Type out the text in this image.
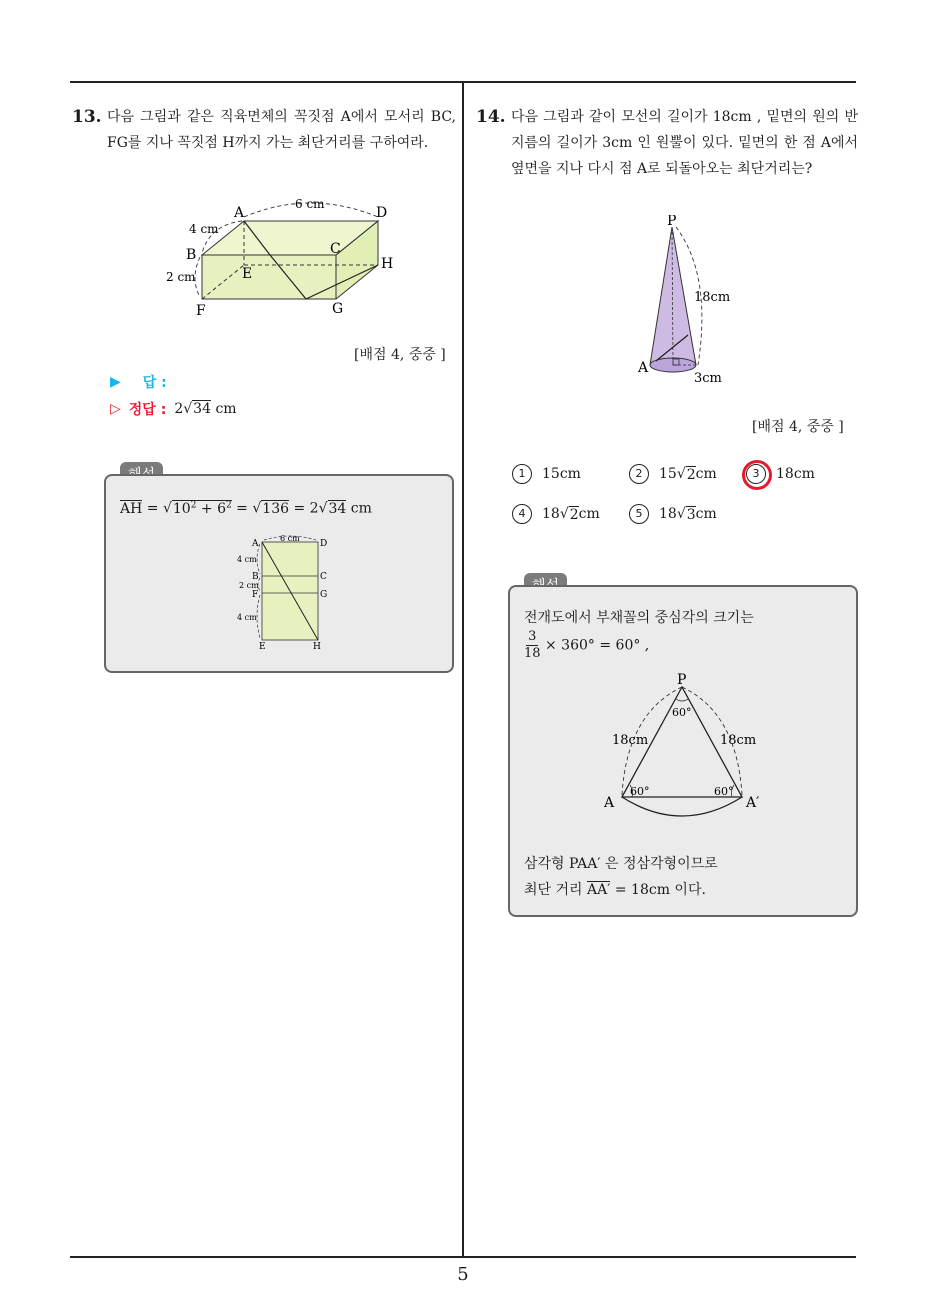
13. 다음 그림과 같은 직육면체의 꼭짓점 A에서 모서리 BC, FG를 지나 꼭짓점 H까지 가는 최단거리를 구하여라.
A
B	C
D
E
F	G
H
6 cm
4 cm
2 cm
[배점 4, 중중 ]
▶ 답 :
▷ 정답 : 2√34 cm
AH = $√10^2 + 6^2 = √136 = 2√34$ cm
A	D
B	C
F	G
E	H
6 cm
4 cm
2 cm
4 cm
14. 다음 그림과 같이 모선의 길이가 18cm , 밑면의 원의 반지름의 길이가 3cm 인 원뿔이 있다. 밑면의 한 점 A에서 옆면을 지나 다시 점 A로 되돌아오는 최단거리는?
P
A
18cm
3cm
[배점 4, 중중 ]
1	15cm	2	15 √ 2 cm	3	18cm
4	18 √ 2 cm	5	18 √ 3 cm
전개도에서 부채꼴의 중심각의 크기는
$\frac{3}{18} \times 360^\circ = 60^\circ$ ,
P
A	A′
18cm	18cm
60°
60°	60°
삼각형 PAA′ 은 정삼각형이므로
최단 거리 AA′ = 18cm 이다.
5
